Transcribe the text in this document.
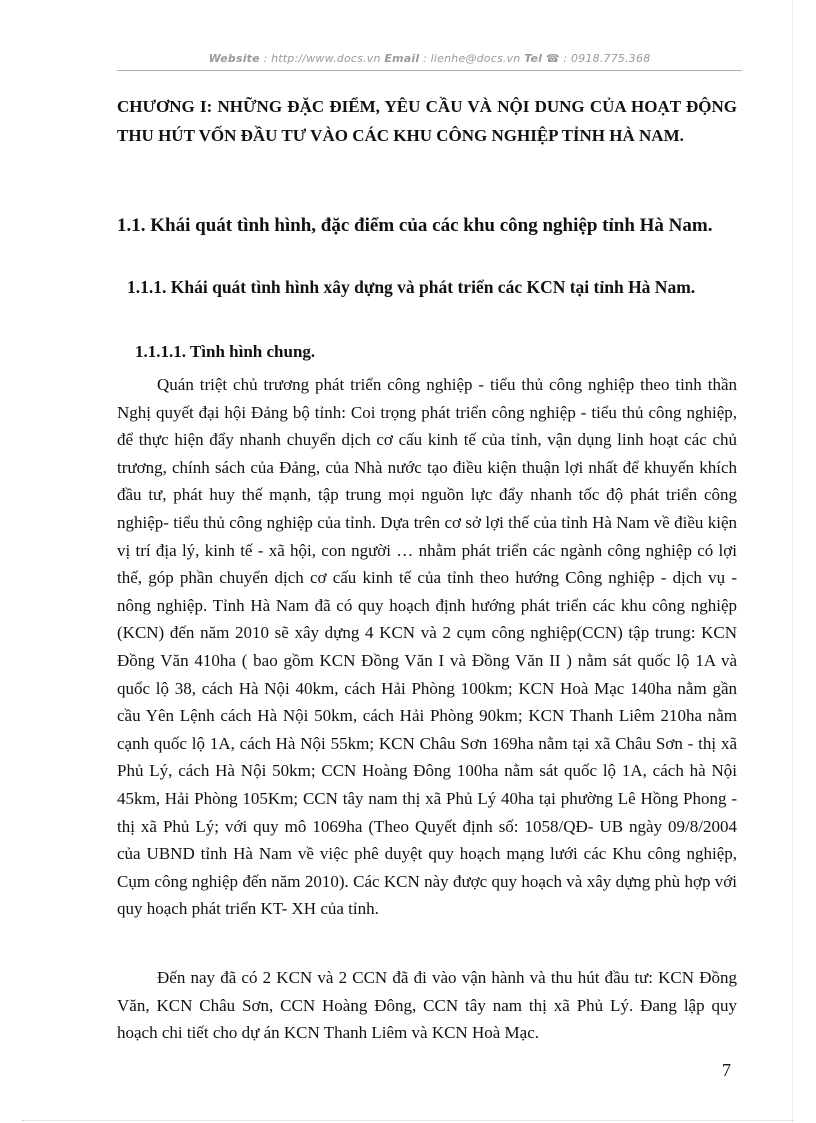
Website : http://www.docs.vn Email : lienhe@docs.vn Tel ☎ : 0918.775.368

CHƯƠNG I: NHỮNG ĐẶC ĐIỂM, YÊU CẦU VÀ NỘI DUNG CỦA HOẠT ĐỘNG THU HÚT VỐN ĐẦU TƯ VÀO CÁC KHU CÔNG NGHIỆP TỈNH HÀ NAM.

1.1. Khái quát tình hình, đặc điểm của các khu công nghiệp tỉnh Hà Nam.

1.1.1. Khái quát tình hình xây dựng và phát triển các KCN tại tỉnh Hà Nam.

1.1.1.1. Tình hình chung.

Quán triệt chủ trương phát triển công nghiệp - tiểu thủ công nghiệp theo tinh thần Nghị quyết đại hội Đảng bộ tỉnh: Coi trọng phát triển công nghiệp - tiểu thủ công nghiệp, để thực hiện đẩy nhanh chuyển dịch cơ cấu kinh tế của tỉnh, vận dụng linh hoạt các chủ trương, chính sách của Đảng, của Nhà nước tạo điều kiện thuận lợi nhất để khuyến khích đầu tư, phát huy thế mạnh, tập trung mọi nguồn lực đẩy nhanh tốc độ phát triển công nghiệp- tiểu thủ công nghiệp của tỉnh. Dựa trên cơ sở lợi thế của tỉnh Hà Nam về điều kiện vị trí địa lý, kinh tế - xã hội, con người … nhằm phát triển các ngành công nghiệp có lợi thế, góp phần chuyển dịch cơ cấu kinh tế của tỉnh theo hướng Công nghiệp - dịch vụ - nông nghiệp. Tỉnh Hà Nam đã có quy hoạch định hướng phát triển các khu công nghiệp (KCN) đến năm 2010 sẽ xây dựng 4 KCN và 2 cụm công nghiệp(CCN) tập trung: KCN Đồng Văn 410ha ( bao gồm KCN Đồng Văn I và Đồng Văn II ) nằm sát quốc lộ 1A và quốc lộ 38, cách Hà Nội 40km, cách Hải Phòng 100km; KCN Hoà Mạc 140ha nằm gần cầu Yên Lệnh cách Hà Nội 50km, cách Hải Phòng 90km; KCN Thanh Liêm 210ha nằm cạnh quốc lộ 1A, cách Hà Nội 55km; KCN Châu Sơn 169ha nằm tại xã Châu Sơn - thị xã Phủ Lý, cách Hà Nội 50km; CCN Hoàng Đông 100ha nằm sát quốc lộ 1A, cách hà Nội 45km, Hải Phòng 105Km; CCN tây nam thị xã Phủ Lý 40ha tại phường Lê Hồng Phong - thị xã Phủ Lý; với quy mô 1069ha (Theo Quyết định số: 1058/QĐ- UB ngày 09/8/2004 của UBND tỉnh Hà Nam về việc phê duyệt quy hoạch mạng lưới các Khu công nghiệp, Cụm công nghiệp đến năm 2010). Các KCN này được quy hoạch và xây dựng phù hợp với quy hoạch phát triển KT- XH của tỉnh.

Đến nay đã có 2 KCN và 2 CCN đã đi vào vận hành và thu hút đầu tư: KCN Đồng Văn, KCN Châu Sơn, CCN Hoàng Đông, CCN tây nam thị xã Phủ Lý. Đang lập quy hoạch chi tiết cho dự án KCN Thanh Liêm và KCN Hoà Mạc.

7
